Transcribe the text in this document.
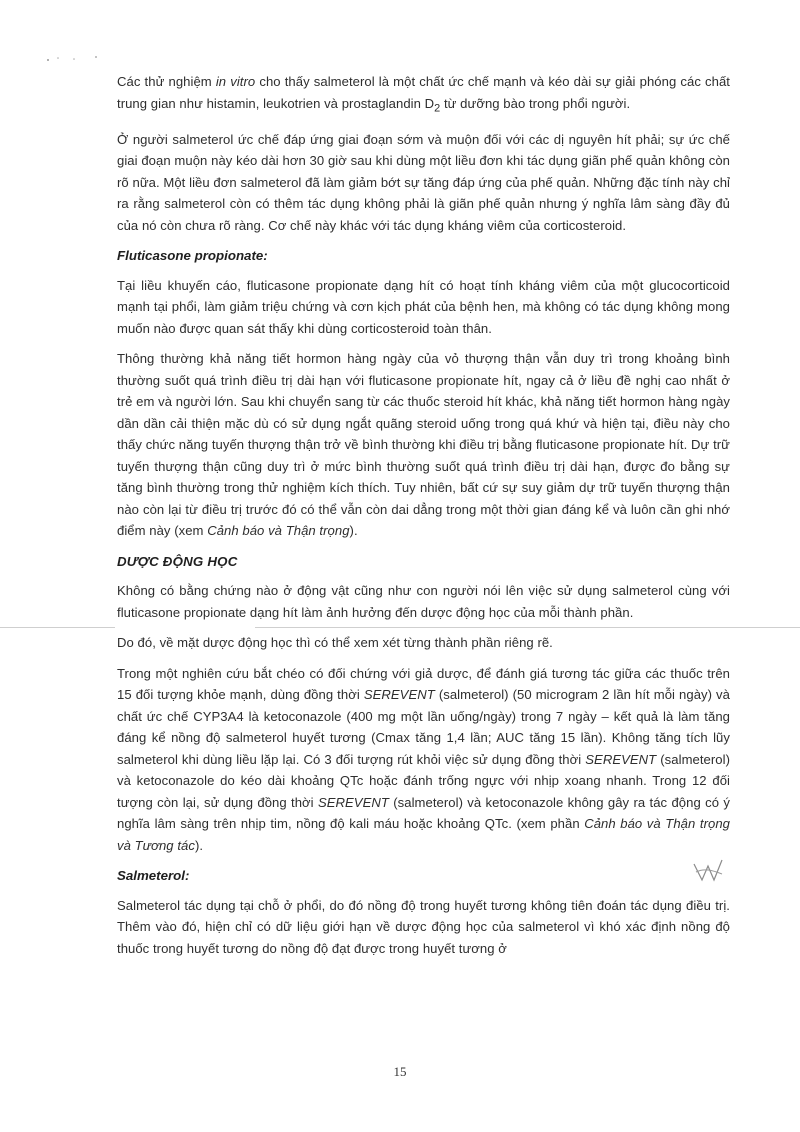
Các thử nghiệm in vitro cho thấy salmeterol là một chất ức chế mạnh và kéo dài sự giải phóng các chất trung gian như histamin, leukotrien và prostaglandin $D_2$ từ dưỡng bào trong phổi người.

Ở người salmeterol ức chế đáp ứng giai đoạn sớm và muộn đối với các dị nguyên hít phải; sự ức chế giai đoạn muộn này kéo dài hơn 30 giờ sau khi dùng một liều đơn khi tác dụng giãn phế quản không còn rõ nữa. Một liều đơn salmeterol đã làm giảm bớt sự tăng đáp ứng của phế quản. Những đặc tính này chỉ ra rằng salmeterol còn có thêm tác dụng không phải là giãn phế quản nhưng ý nghĩa lâm sàng đầy đủ của nó còn chưa rõ ràng. Cơ chế này khác với tác dụng kháng viêm của corticosteroid.

Fluticasone propionate:

Tại liều khuyến cáo, fluticasone propionate dạng hít có hoạt tính kháng viêm của một glucocorticoid mạnh tại phổi, làm giảm triệu chứng và cơn kịch phát của bệnh hen, mà không có tác dụng không mong muốn nào được quan sát thấy khi dùng corticosteroid toàn thân.

Thông thường khả năng tiết hormon hàng ngày của vỏ thượng thận vẫn duy trì trong khoảng bình thường suốt quá trình điều trị dài hạn với fluticasone propionate hít, ngay cả ở liều đề nghị cao nhất ở trẻ em và người lớn. Sau khi chuyển sang từ các thuốc steroid hít khác, khả năng tiết hormon hàng ngày dần dần cải thiện mặc dù có sử dụng ngắt quãng steroid uống trong quá khứ và hiện tại, điều này cho thấy chức năng tuyến thượng thận trở về bình thường khi điều trị bằng fluticasone propionate hít. Dự trữ tuyến thượng thận cũng duy trì ở mức bình thường suốt quá trình điều trị dài hạn, được đo bằng sự tăng bình thường trong thử nghiệm kích thích. Tuy nhiên, bất cứ sự suy giảm dự trữ tuyến thượng thận nào còn lại từ điều trị trước đó có thể vẫn còn dai dẳng trong một thời gian đáng kể và luôn cần ghi nhớ điểm này (xem Cảnh báo và Thận trọng).

DƯỢC ĐỘNG HỌC

Không có bằng chứng nào ở động vật cũng như con người nói lên việc sử dụng salmeterol cùng với fluticasone propionate dạng hít làm ảnh hưởng đến dược động học của mỗi thành phần.

Do đó, về mặt dược động học thì có thể xem xét từng thành phần riêng rẽ.

Trong một nghiên cứu bắt chéo có đối chứng với giả dược, để đánh giá tương tác giữa các thuốc trên 15 đối tượng khỏe mạnh, dùng đồng thời SEREVENT (salmeterol) (50 microgram 2 lần hít mỗi ngày) và chất ức chế CYP3A4 là ketoconazole (400 mg một lần uống/ngày) trong 7 ngày – kết quả là làm tăng đáng kể nồng độ salmeterol huyết tương (Cmax tăng 1,4 lần; AUC tăng 15 lần). Không tăng tích lũy salmeterol khi dùng liều lặp lại. Có 3 đối tượng rút khỏi việc sử dụng đồng thời SEREVENT (salmeterol) và ketoconazole do kéo dài khoảng QTc hoặc đánh trống ngực với nhịp xoang nhanh. Trong 12 đối tượng còn lại, sử dụng đồng thời SEREVENT (salmeterol) và ketoconazole không gây ra tác động có ý nghĩa lâm sàng trên nhịp tim, nồng độ kali máu hoặc khoảng QTc. (xem phần Cảnh báo và Thận trọng và Tương tác).

Salmeterol:

Salmeterol tác dụng tại chỗ ở phổi, do đó nồng độ trong huyết tương không tiên đoán tác dụng điều trị. Thêm vào đó, hiện chỉ có dữ liệu giới hạn về dược động học của salmeterol vì khó xác định nồng độ thuốc trong huyết tương do nồng độ đạt được trong huyết tương ở

15
